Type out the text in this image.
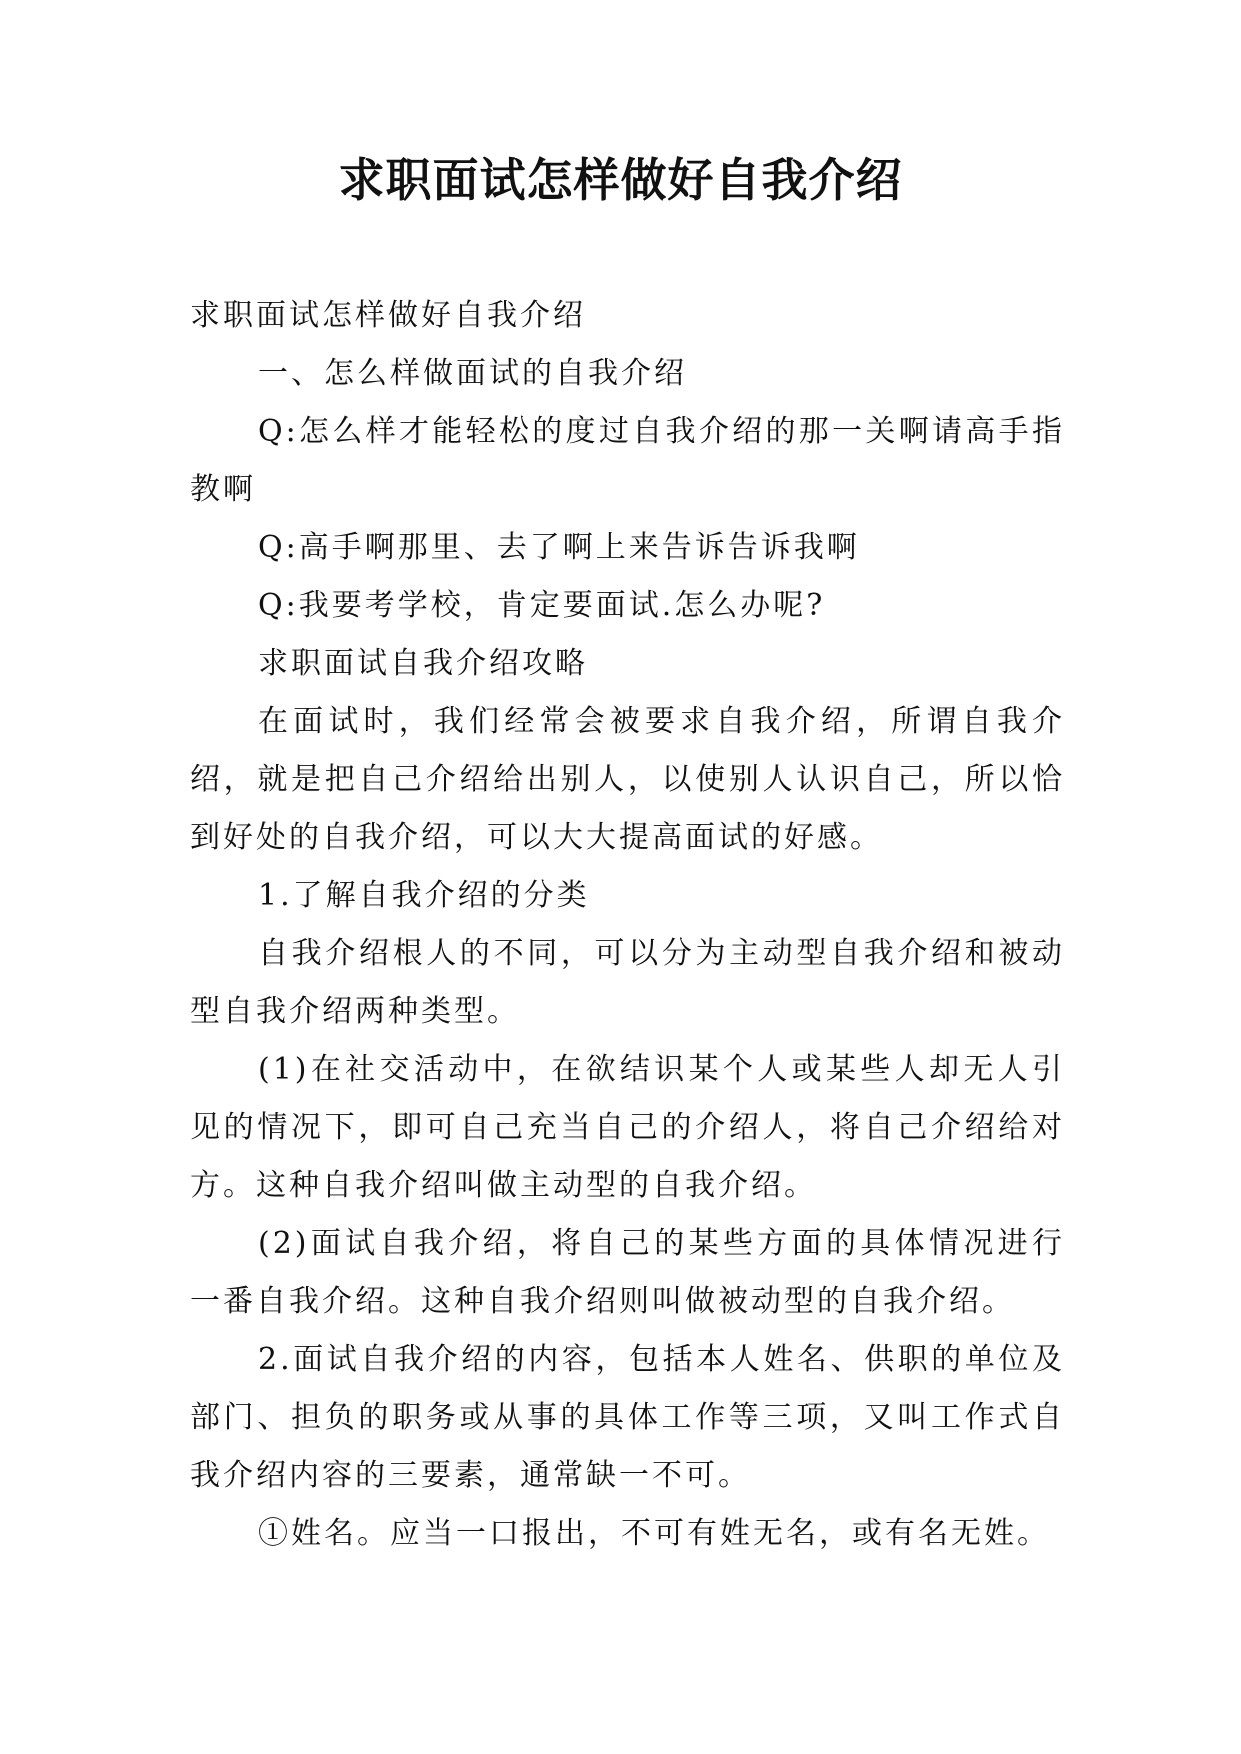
求职面试怎样做好自我介绍

求职面试怎样做好自我介绍

一、怎么样做面试的自我介绍

Q:怎么样才能轻松的度过自我介绍的那一关啊请高手指教啊

Q:高手啊那里、去了啊上来告诉告诉我啊

Q:我要考学校，肯定要面试.怎么办呢?

求职面试自我介绍攻略

在面试时，我们经常会被要求自我介绍，所谓自我介绍，就是把自己介绍给出别人，以使别人认识自己，所以恰到好处的自我介绍，可以大大提高面试的好感。

1.了解自我介绍的分类

自我介绍根人的不同，可以分为主动型自我介绍和被动型自我介绍两种类型。

(1)在社交活动中，在欲结识某个人或某些人却无人引见的情况下，即可自己充当自己的介绍人，将自己介绍给对方。这种自我介绍叫做主动型的自我介绍。

(2)面试自我介绍，将自己的某些方面的具体情况进行一番自我介绍。这种自我介绍则叫做被动型的自我介绍。

2.面试自我介绍的内容，包括本人姓名、供职的单位及部门、担负的职务或从事的具体工作等三项，又叫工作式自我介绍内容的三要素，通常缺一不可。

①姓名。应当一口报出，不可有姓无名，或有名无姓。
